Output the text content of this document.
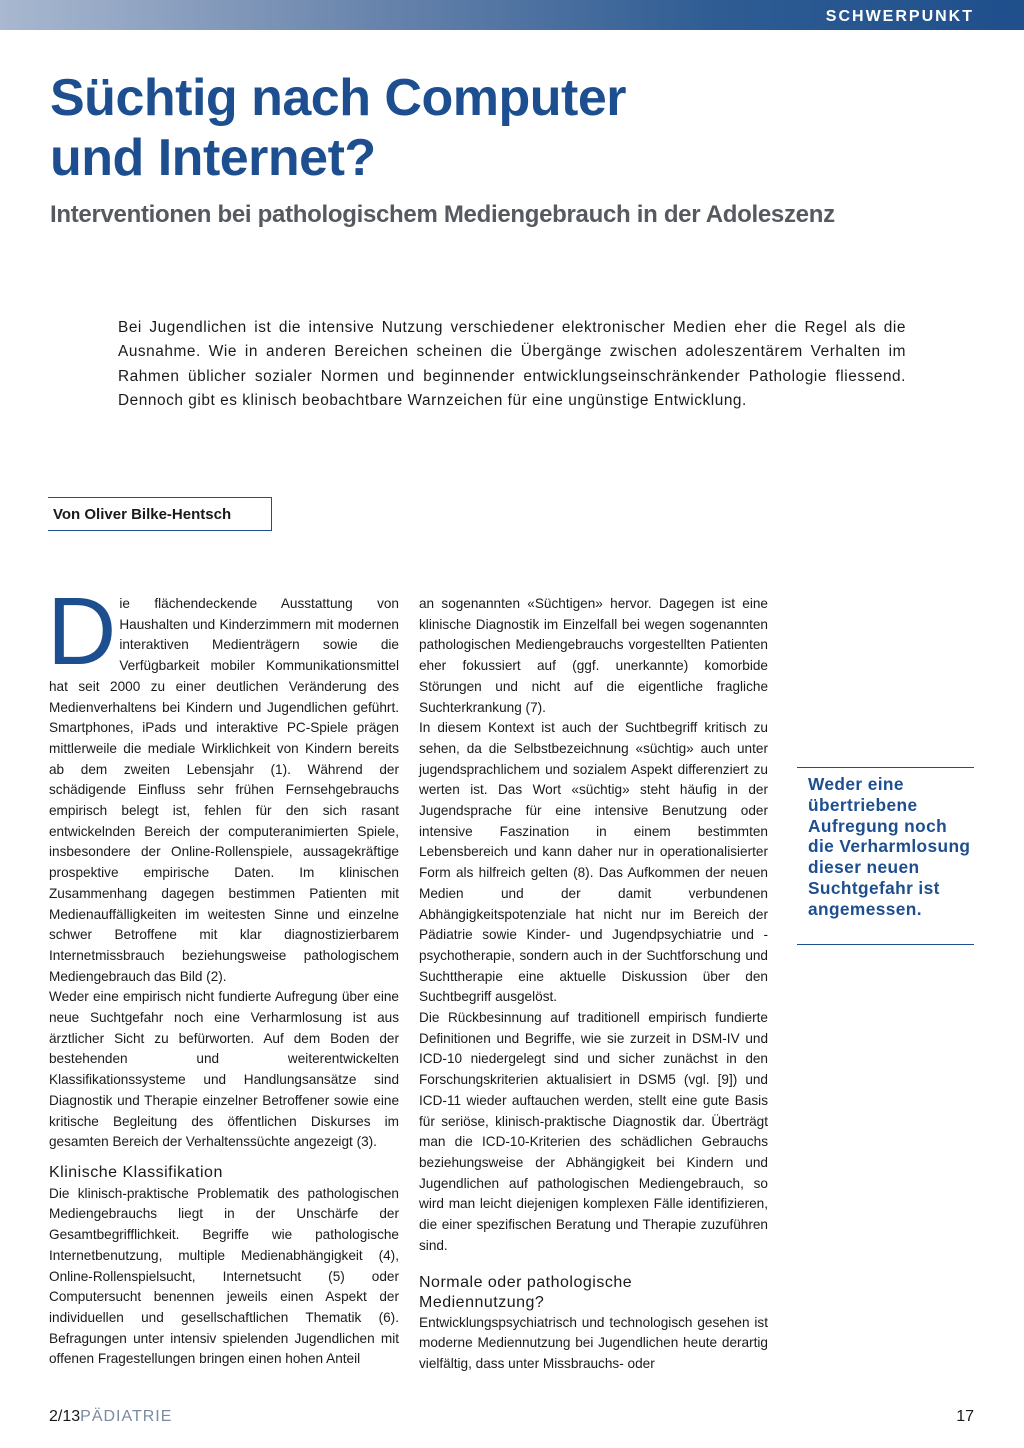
SCHWERPUNKT
Süchtig nach Computer
und Internet?
Interventionen bei pathologischem Mediengebrauch in der Adoleszenz

Bei Jugendlichen ist die intensive Nutzung verschiedener elektronischer Medien eher die Regel als die Ausnahme. Wie in anderen Bereichen scheinen die Übergänge zwischen adoleszentärem Verhalten im Rahmen üblicher sozialer Normen und beginnender entwicklungseinschränkender Pathologie fliessend. Dennoch gibt es klinisch beobachtbare Warnzeichen für eine ungünstige Entwicklung.

Von Oliver Bilke-Hentsch

Die flächendeckende Ausstattung von Haushalten und Kinderzimmern mit modernen interaktiven Medienträgern sowie die Verfügbarkeit mobiler Kommunikationsmittel hat seit 2000 zu einer deutlichen Veränderung des Medienverhaltens bei Kindern und Jugendlichen geführt. Smartphones, iPads und interaktive PC-Spiele prägen mittlerweile die mediale Wirklichkeit von Kindern bereits ab dem zweiten Lebensjahr (1). Während der schädigende Einfluss sehr frühen Fernsehgebrauchs empirisch belegt ist, fehlen für den sich rasant entwickelnden Bereich der computeranimierten Spiele, insbesondere der Online-Rollenspiele, aussagekräftige prospektive empirische Daten. Im klinischen Zusammenhang dagegen bestimmen Patienten mit Medienauffälligkeiten im weitesten Sinne und einzelne schwer Betroffene mit klar diagnostizierbarem Internetmissbrauch beziehungsweise pathologischem Mediengebrauch das Bild (2).

Weder eine empirisch nicht fundierte Aufregung über eine neue Suchtgefahr noch eine Verharmlosung ist aus ärztlicher Sicht zu befürworten. Auf dem Boden der bestehenden und weiterentwickelten Klassifikationssysteme und Handlungsansätze sind Diagnostik und Therapie einzelner Betroffener sowie eine kritische Begleitung des öffentlichen Diskurses im gesamten Bereich der Verhaltenssüchte angezeigt (3).

Klinische Klassifikation

Die klinisch-praktische Problematik des pathologischen Mediengebrauchs liegt in der Unschärfe der Gesamtbegrifflichkeit. Begriffe wie pathologische Internetbenutzung, multiple Medienabhängigkeit (4), Online-Rollenspielsucht, Internetsucht (5) oder Computersucht benennen jeweils einen Aspekt der individuellen und gesellschaftlichen Thematik (6). Befragungen unter intensiv spielenden Jugendlichen mit offenen Fragestellungen bringen einen hohen Anteil

an sogenannten «Süchtigen» hervor. Dagegen ist eine klinische Diagnostik im Einzelfall bei wegen sogenannten pathologischen Mediengebrauchs vorgestellten Patienten eher fokussiert auf (ggf. unerkannte) komorbide Störungen und nicht auf die eigentliche fragliche Suchterkrankung (7).

In diesem Kontext ist auch der Suchtbegriff kritisch zu sehen, da die Selbstbezeichnung «süchtig» auch unter jugendsprachlichem und sozialem Aspekt differenziert zu werten ist. Das Wort «süchtig» steht häufig in der Jugendsprache für eine intensive Benutzung oder intensive Faszination in einem bestimmten Lebensbereich und kann daher nur in operationalisierter Form als hilfreich gelten (8). Das Aufkommen der neuen Medien und der damit verbundenen Abhängigkeitspotenziale hat nicht nur im Bereich der Pädiatrie sowie Kinder- und Jugendpsychiatrie und -psychotherapie, sondern auch in der Suchtforschung und Suchttherapie eine aktuelle Diskussion über den Suchtbegriff ausgelöst.

Die Rückbesinnung auf traditionell empirisch fundierte Definitionen und Begriffe, wie sie zurzeit in DSM-IV und ICD-10 niedergelegt sind und sicher zunächst in den Forschungskriterien aktualisiert in DSM5 (vgl. [9]) und ICD-11 wieder auftauchen werden, stellt eine gute Basis für seriöse, klinisch-praktische Diagnostik dar. Überträgt man die ICD-10-Kriterien des schädlichen Gebrauchs beziehungsweise der Abhängigkeit bei Kindern und Jugendlichen auf pathologischen Mediengebrauch, so wird man leicht diejenigen komplexen Fälle identifizieren, die einer spezifischen Beratung und Therapie zuzuführen sind.

Normale oder pathologische
Mediennutzung?

Entwicklungspsychiatrisch und technologisch gesehen ist moderne Mediennutzung bei Jugendlichen heute derartig vielfältig, dass unter Missbrauchs- oder

Weder eine übertriebene Aufregung noch die Verharmlosung dieser neuen Suchtgefahr ist angemessen.

2/13PÄDIATRIE	17
